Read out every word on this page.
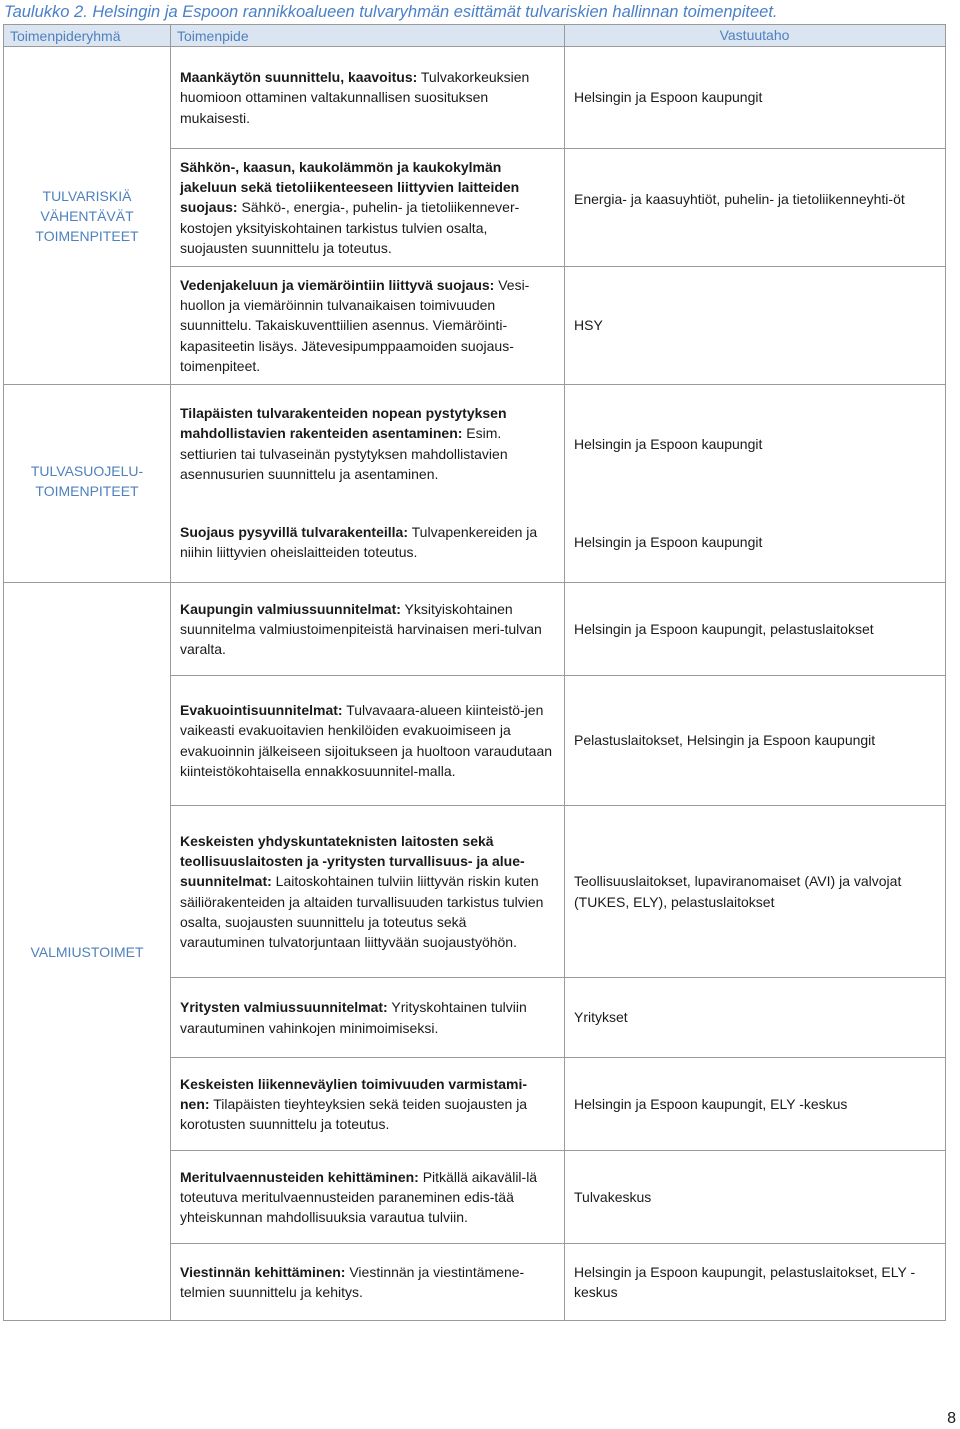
Taulukko 2. Helsingin ja Espoon rannikkoalueen tulvaryhmän esittämät tulvariskien hallinnan toimenpiteet.
Toimenpideryhmä	Toimenpide	Vastuutaho

TULVARISKIÄ VÄHENTÄVÄT TOIMENPITEET	Maankäytön suunnittelu, kaavoitus: Tulvakorkeuksien huomioon ottaminen valtakunnallisen suosituksen mukaisesti.	Helsingin ja Espoon kaupungit
	Sähkön-, kaasun, kaukolämmön ja kaukokylmän jakeluun sekä tietoliikenteeseen liittyvien laitteiden suojaus: Sähkö-, energia-, puhelin- ja tietoliikennever-kostojen yksityiskohtainen tarkistus tulvien osalta, suojausten suunnittelu ja toteutus.	Energia- ja kaasuyhtiöt, puhelin- ja tietoliikenneyhti-öt
	Vedenjakeluun ja viemäröintiin liittyvä suojaus: Vesi-huollon ja viemäröinnin tulvanaikaisen toimivuuden suunnittelu. Takaiskuventtiilien asennus. Viemäröinti-kapasiteetin lisäys. Jätevesipumppaamoiden suojaus-toimenpiteet.	HSY

TULVASUOJELU- TOIMENPITEET	Tilapäisten tulvarakenteiden nopean pystytyksen mahdollistavien rakenteiden asentaminen: Esim. settiurien tai tulvaseinän pystytyksen mahdollistavien asennusurien suunnittelu ja asentaminen.	Helsingin ja Espoon kaupungit
	Suojaus pysyvillä tulvarakenteilla: Tulvapenkereiden ja niihin liittyvien oheislaitteiden toteutus.	Helsingin ja Espoon kaupungit

VALMIUSTOIMET	Kaupungin valmiussuunnitelmat: Yksityiskohtainen suunnitelma valmiustoimenpiteistä harvinaisen meri-tulvan varalta.	Helsingin ja Espoon kaupungit, pelastuslaitokset
	Evakuointisuunnitelmat: Tulvavaara-alueen kiinteistö-jen vaikeasti evakuoitavien henkilöiden evakuoimiseen ja evakuoinnin jälkeiseen sijoitukseen ja huoltoon varaudutaan kiinteistökohtaisella ennakkosuunnitel-malla.	Pelastuslaitokset, Helsingin ja Espoon kaupungit
	Keskeisten yhdyskuntateknisten laitosten sekä teollisuuslaitosten ja -yritysten turvallisuus- ja alue-suunnitelmat: Laitoskohtainen tulviin liittyvän riskin kuten säiliörakenteiden ja altaiden turvallisuuden tarkistus tulvien osalta, suojausten suunnittelu ja toteutus sekä varautuminen tulvatorjuntaan liittyvään suojaustyöhön.	Teollisuuslaitokset, lupaviranomaiset (AVI) ja valvojat (TUKES, ELY), pelastuslaitokset
	Yritysten valmiussuunnitelmat: Yrityskohtainen tulviin varautuminen vahinkojen minimoimiseksi.	Yritykset
	Keskeisten liikenneväylien toimivuuden varmistami-nen: Tilapäisten tieyhteyksien sekä teiden suojausten ja korotusten suunnittelu ja toteutus.	Helsingin ja Espoon kaupungit, ELY -keskus
	Meritulvaennusteiden kehittäminen: Pitkällä aikavälil-lä toteutuva meritulvaennusteiden paraneminen edis-tää yhteiskunnan mahdollisuuksia varautua tulviin.	Tulvakeskus
	Viestinnän kehittäminen: Viestinnän ja viestintämene-telmien suunnittelu ja kehitys.	Helsingin ja Espoon kaupungit, pelastuslaitokset, ELY -keskus
8
